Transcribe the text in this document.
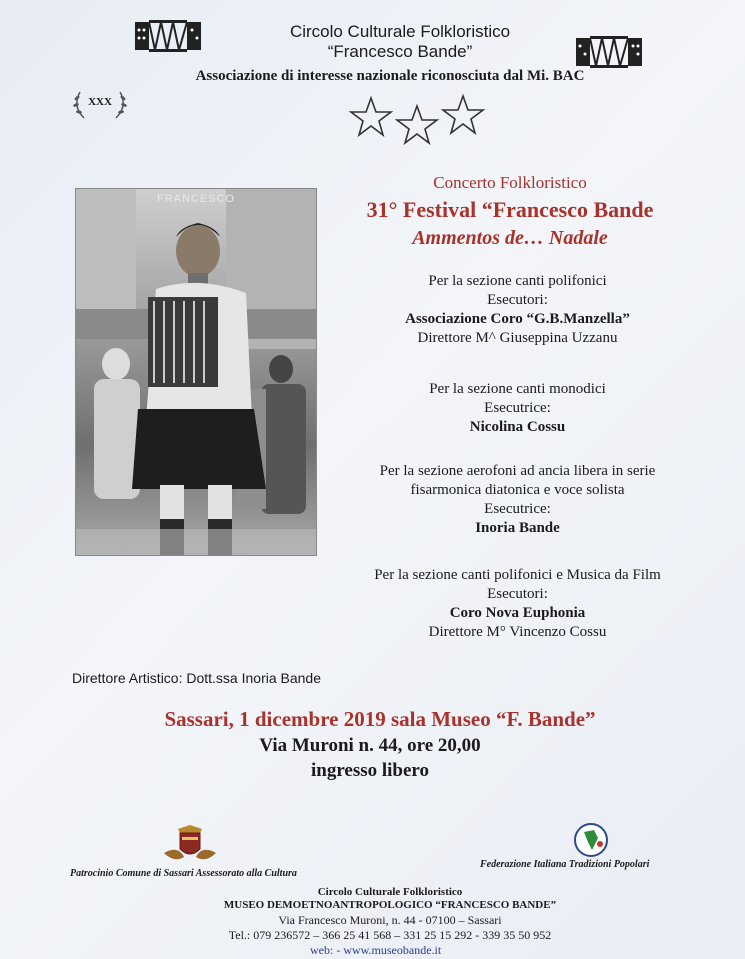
Circolo Culturale Folkloristico
“Francesco Bande”
Associazione di interesse nazionale riconosciuta dal Mi. BAC
XXX
FRANCESCO
Concerto Folkloristico
31° Festival “Francesco Bande
Ammentos de… Nadale
Per la sezione canti polifonici
Esecutori:
Associazione Coro “G.B.Manzella”
Direttore M^ Giuseppina Uzzanu
Per la sezione canti monodici
Esecutrice:
Nicolina Cossu
Per la sezione aerofoni ad ancia libera in serie
fisarmonica diatonica e voce solista
Esecutrice:
Inoria Bande
Per la sezione canti polifonici e Musica da Film
Esecutori:
Coro Nova Euphonia
Direttore M° Vincenzo Cossu
Direttore Artistico: Dott.ssa Inoria Bande
Sassari, 1 dicembre 2019 sala Museo “F. Bande”
Via Muroni n. 44, ore 20,00
ingresso libero
Patrocinio Comune di Sassari Assessorato alla Cultura
Federazione Italiana Tradizioni Popolari
Circolo Culturale Folkloristico
MUSEO DEMOETNOANTROPOLOGICO “FRANCESCO BANDE”
Via Francesco Muroni, n. 44 - 07100 – Sassari
Tel.: 079 236572 – 366 25 41 568 – 331 25 15 292 - 339 35 50 952
web: - www.museobande.it
